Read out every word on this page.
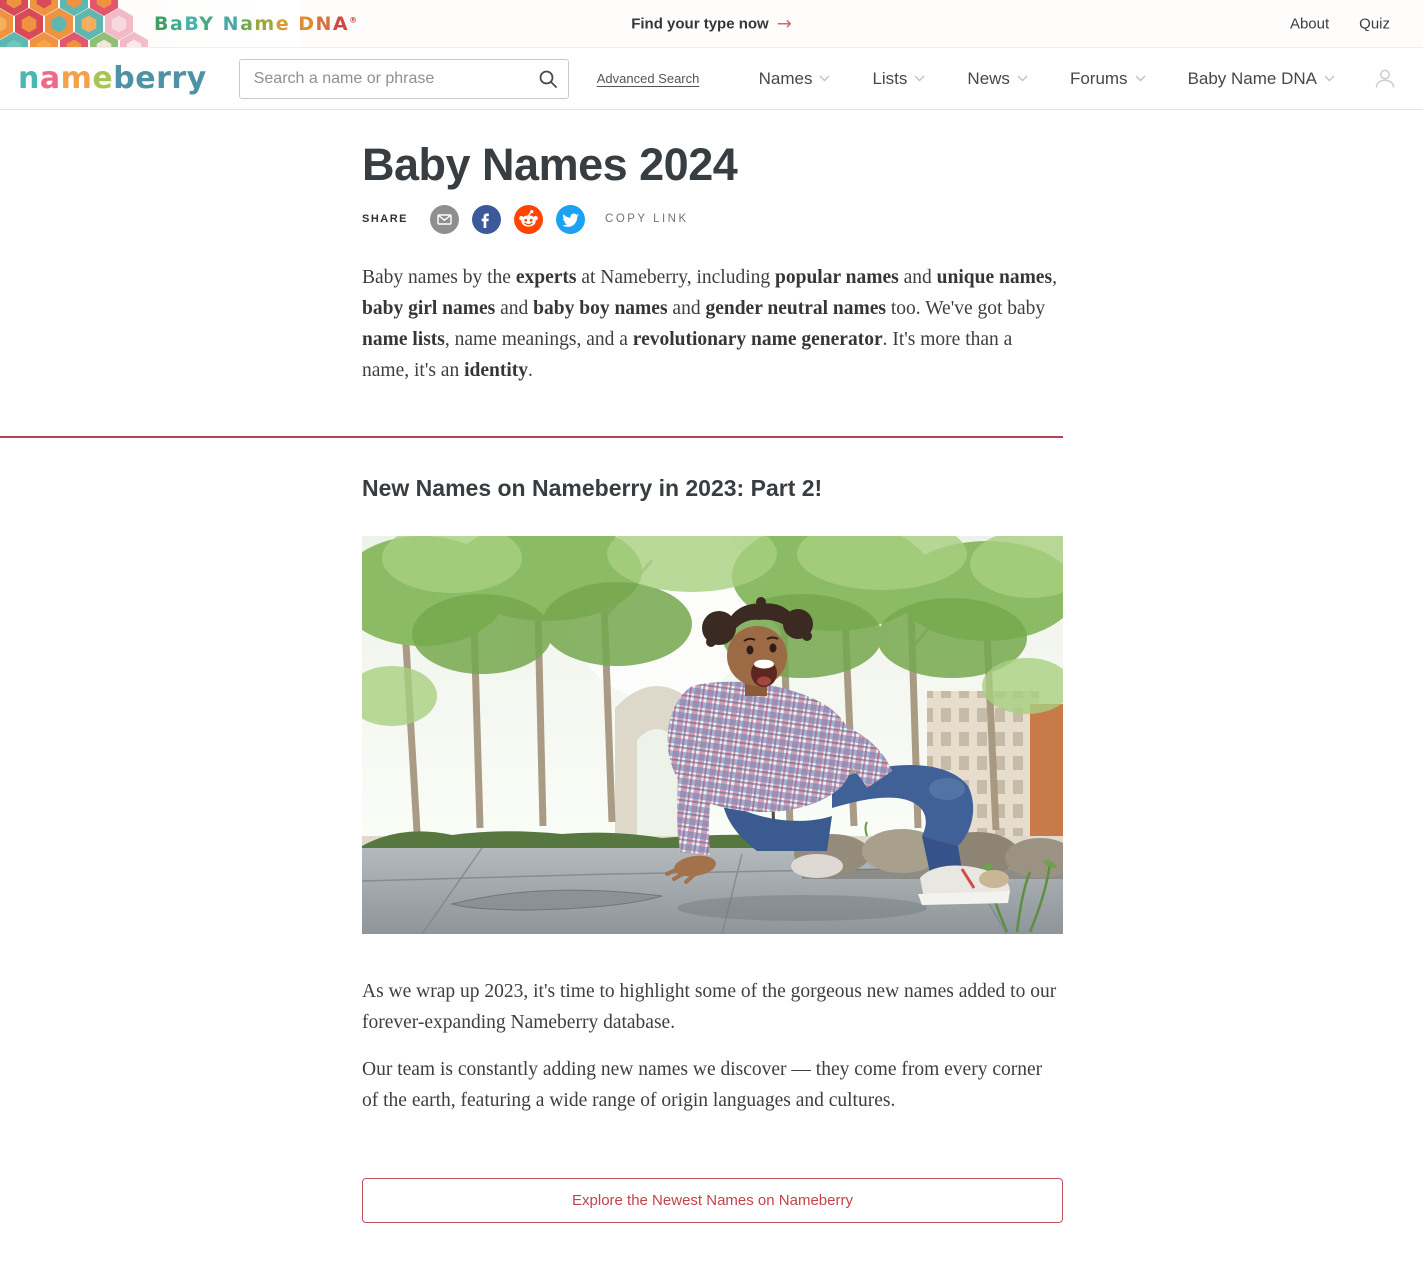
BaBY Name DNA®	Find your type now →	About Quiz
nameberry
Search a name or phrase	Advanced Search	Names	Lists	News	Forums	Baby Name DNA
Baby Names 2024
SHARE	COPY LINK

Baby names by the experts at Nameberry, including popular names and unique names, baby girl names and baby boy names and gender neutral names too. We've got baby name lists, name meanings, and a revolutionary name generator. It's more than a name, it's an identity.

New Names on Nameberry in 2023: Part 2!

As we wrap up 2023, it's time to highlight some of the gorgeous new names added to our forever-expanding Nameberry database.

Our team is constantly adding new names we discover — they come from every corner of the earth, featuring a wide range of origin languages and cultures.

Explore the Newest Names on Nameberry
